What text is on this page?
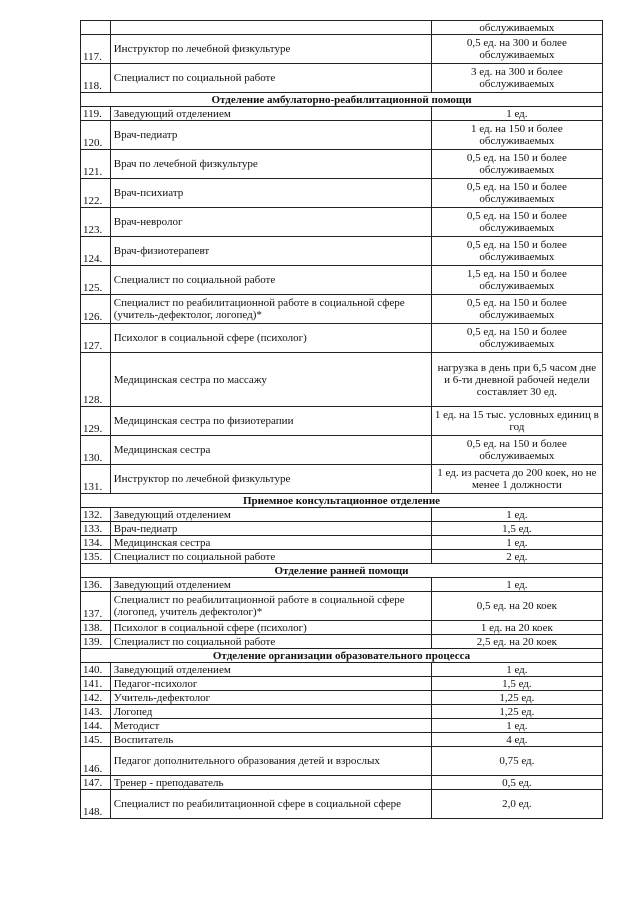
		обслуживаемых
117.	Инструктор по лечебной физкультуре	0,5 ед. на 300 и более обслуживаемых
118.	Специалист по социальной работе	3 ед. на 300 и более обслуживаемых
Отделение амбулаторно-реабилитационной помощи		
119.	Заведующий отделением	1 ед.
120.	Врач-педиатр	1 ед. на 150 и более обслуживаемых
121.	Врач по лечебной физкультуре	0,5 ед. на 150 и более обслуживаемых
122.	Врач-психиатр	0,5 ед. на 150 и более обслуживаемых
123.	Врач-невролог	0,5 ед. на 150 и более обслуживаемых
124.	Врач-физиотерапевт	0,5 ед. на 150 и более обслуживаемых
125.	Специалист по социальной работе	1,5 ед. на 150 и более обслуживаемых
126.	Специалист по реабилитационной работе в социальной сфере (учитель-дефектолог, логопед)*	0,5 ед. на 150 и более обслуживаемых
127.	Психолог в социальной сфере (психолог)	0,5 ед. на 150 и более обслуживаемых
128.	Медицинская сестра по массажу	нагрузка в день при 6,5 часом дне и 6-ти дневной рабочей недели составляет 30 ед.
129.	Медицинская сестра по физиотерапии	1 ед. на 15 тыс. условных единиц в год
130.	Медицинская сестра	0,5 ед. на 150 и более обслуживаемых
131.	Инструктор по лечебной физкультуре	1 ед. из расчета до 200 коек, но не менее 1 должности
Приемное консультационное отделение		
132.	Заведующий отделением	1 ед.
133.	Врач-педиатр	1,5 ед.
134.	Медицинская сестра	1 ед.
135.	Специалист по социальной работе	2 ед.
Отделение ранней помощи		
136.	Заведующий отделением	1 ед.
137.	Специалист по реабилитационной работе в социальной сфере (логопед, учитель дефектолог)*	0,5 ед. на 20 коек
138.	Психолог в социальной сфере (психолог)	1 ед. на 20 коек
139.	Специалист по социальной работе	2,5 ед. на 20 коек
Отделение организации образовательного процесса		
140.	Заведующий отделением	1 ед.
141.	Педагог-психолог	1,5 ед.
142.	Учитель-дефектолог	1,25 ед.
143.	Логопед	1,25 ед.
144.	Методист	1 ед.
145.	Воспитатель	4 ед.
146.	Педагог дополнительного образования детей и взрослых	0,75 ед.
147.	Тренер - преподаватель	0,5 ед.
148.	Специалист по реабилитационной сфере в социальной сфере	2,0 ед.
